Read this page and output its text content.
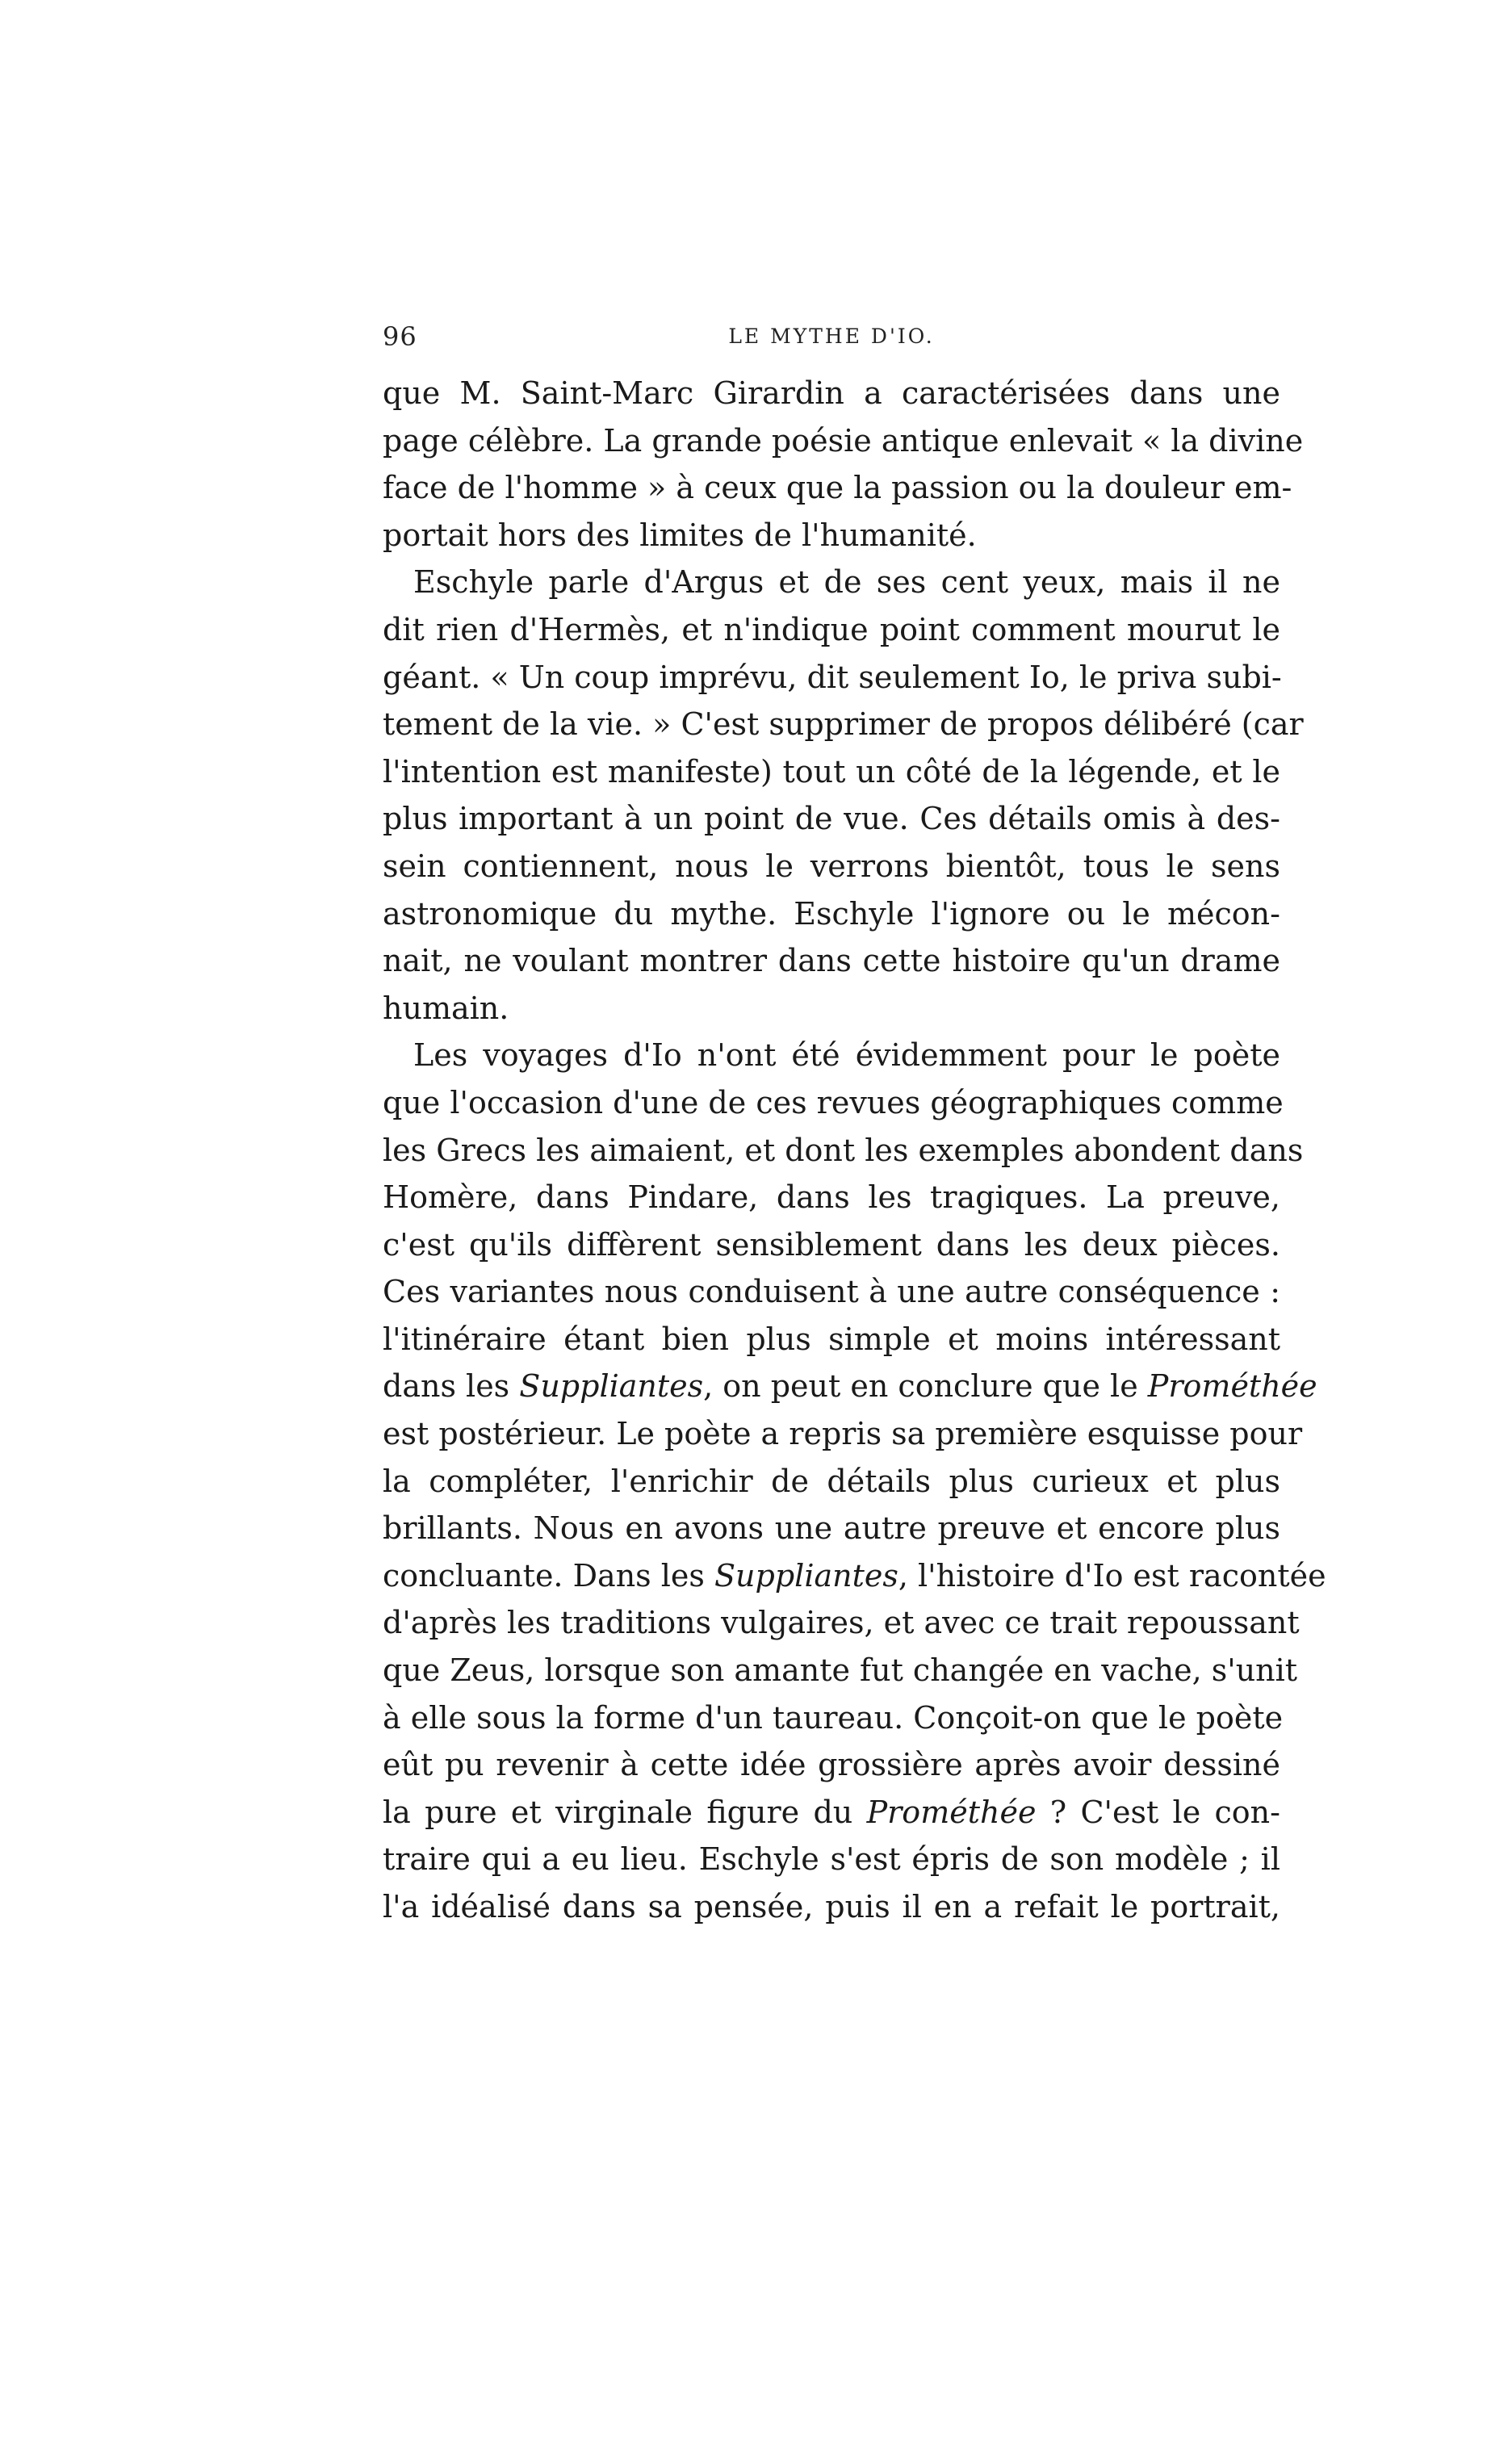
96	LE MYTHE D'IO.
que M. Saint-Marc Girardin a caractérisées dans une
page célèbre. La grande poésie antique enlevait « la divine
face de l'homme » à ceux que la passion ou la douleur em-
portait hors des limites de l'humanité.
Eschyle parle d'Argus et de ses cent yeux, mais il ne
dit rien d'Hermès, et n'indique point comment mourut le
géant. « Un coup imprévu, dit seulement Io, le priva subi-
tement de la vie. » C'est supprimer de propos délibéré (car
l'intention est manifeste) tout un côté de la légende, et le
plus important à un point de vue. Ces détails omis à des-
sein contiennent, nous le verrons bientôt, tous le sens
astronomique du mythe. Eschyle l'ignore ou le mécon-
nait, ne voulant montrer dans cette histoire qu'un drame
humain.
Les voyages d'Io n'ont été évidemment pour le poète
que l'occasion d'une de ces revues géographiques comme
les Grecs les aimaient, et dont les exemples abondent dans
Homère, dans Pindare, dans les tragiques. La preuve,
c'est qu'ils diffèrent sensiblement dans les deux pièces.
Ces variantes nous conduisent à une autre conséquence :
l'itinéraire étant bien plus simple et moins intéressant
dans les Suppliantes, on peut en conclure que le Prométhée
est postérieur. Le poète a repris sa première esquisse pour
la compléter, l'enrichir de détails plus curieux et plus
brillants. Nous en avons une autre preuve et encore plus
concluante. Dans les Suppliantes, l'histoire d'Io est racontée
d'après les traditions vulgaires, et avec ce trait repoussant
que Zeus, lorsque son amante fut changée en vache, s'unit
à elle sous la forme d'un taureau. Conçoit-on que le poète
eût pu revenir à cette idée grossière après avoir dessiné
la pure et virginale figure du Prométhée ? C'est le con-
traire qui a eu lieu. Eschyle s'est épris de son modèle ; il
l'a idéalisé dans sa pensée, puis il en a refait le portrait,
